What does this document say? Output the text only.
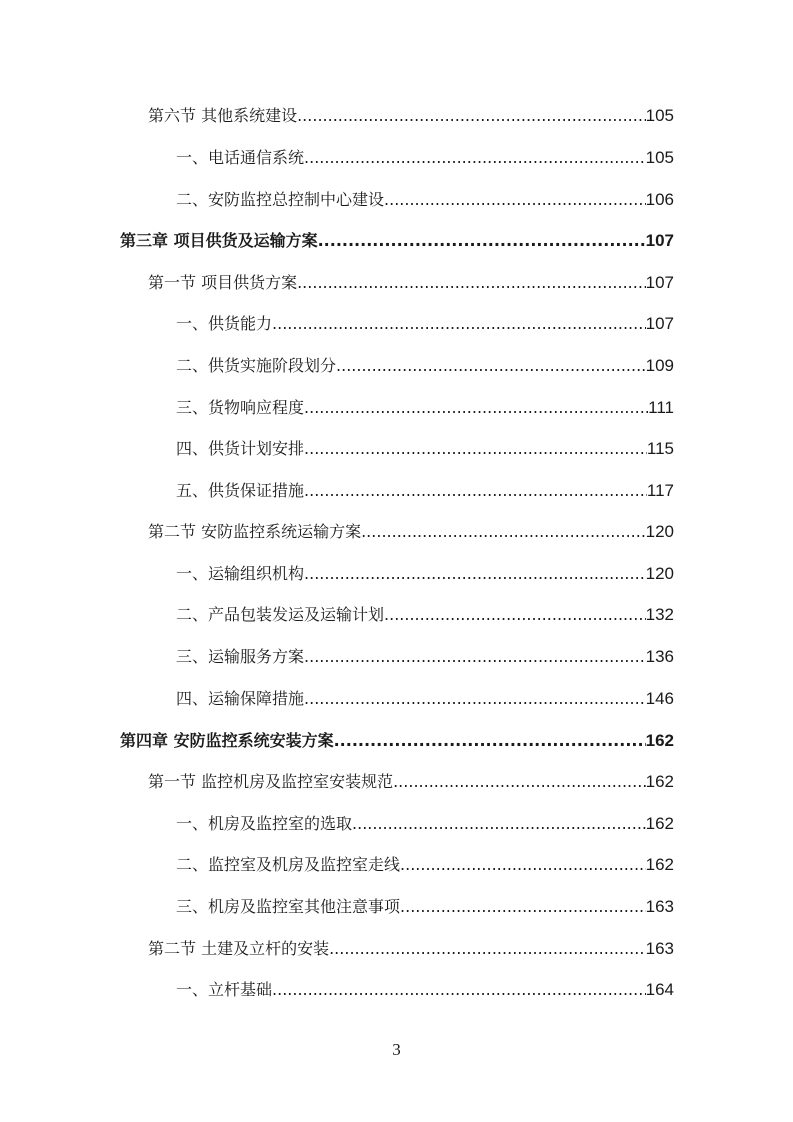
第六节 其他系统建设 .....	105
一、电话通信系统 .....	105
二、安防监控总控制中心建设 .....	106
第三章 项目供货及运输方案 .....	107
第一节 项目供货方案 .....	107
一、供货能力 .....	107
二、供货实施阶段划分 .....	109
三、货物响应程度 .....	111
四、供货计划安排 .....	115
五、供货保证措施 .....	117
第二节 安防监控系统运输方案 .....	120
一、运输组织机构 .....	120
二、产品包装发运及运输计划 .....	132
三、运输服务方案 .....	136
四、运输保障措施 .....	146
第四章 安防监控系统安装方案 .....	162
第一节 监控机房及监控室安装规范 .....	162
一、机房及监控室的选取 .....	162
二、监控室及机房及监控室走线 .....	162
三、机房及监控室其他注意事项 .....	163
第二节 土建及立杆的安装 .....	163
一、立杆基础 .....	164
3
